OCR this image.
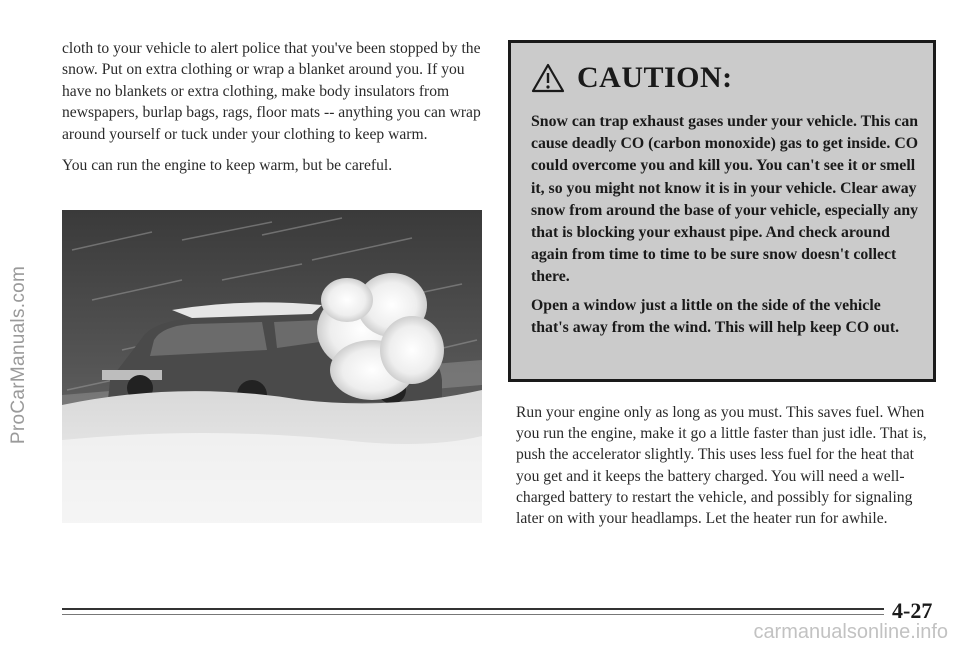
ProCarManuals.com

cloth to your vehicle to alert police that you've been stopped by the snow. Put on extra clothing or wrap a blanket around you. If you have no blankets or extra clothing, make body insulators from newspapers, burlap bags, rags, floor mats -- anything you can wrap around yourself or tuck under your clothing to keep warm.

You can run the engine to keep warm, but be careful.

CAUTION:

Snow can trap exhaust gases under your vehicle. This can cause deadly CO (carbon monoxide) gas to get inside. CO could overcome you and kill you. You can't see it or smell it, so you might not know it is in your vehicle. Clear away snow from around the base of your vehicle, especially any that is blocking your exhaust pipe. And check around again from time to time to be sure snow doesn't collect there.

Open a window just a little on the side of the vehicle that's away from the wind. This will help keep CO out.

Run your engine only as long as you must. This saves fuel. When you run the engine, make it go a little faster than just idle. That is, push the accelerator slightly. This uses less fuel for the heat that you get and it keeps the battery charged. You will need a well-charged battery to restart the vehicle, and possibly for signaling later on with your headlamps. Let the heater run for awhile.

4-27
carmanualsonline.info
